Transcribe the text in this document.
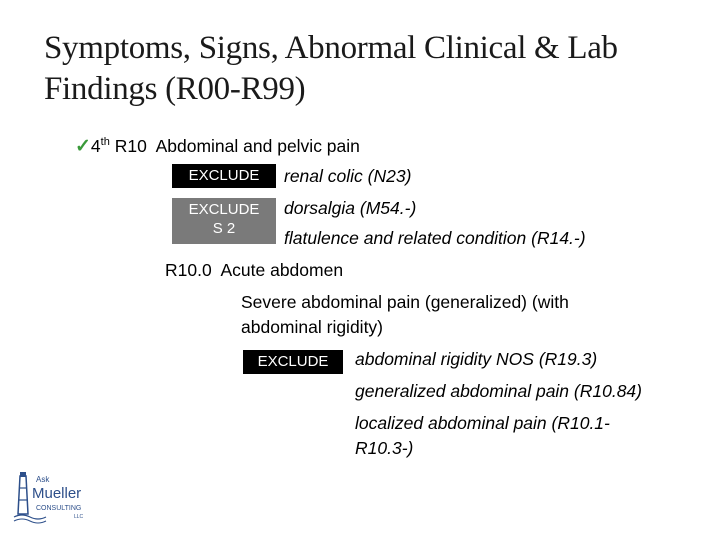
Symptoms, Signs, Abnormal Clinical & Lab Findings (R00-R99)
✓4th R10 Abdominal and pelvic pain
EXCLUDE	renal colic (N23)
EXCLUDE
S 2
dorsalgia (M54.-)
flatulence and related condition (R14.-)
R10.0 Acute abdomen
Severe abdominal pain (generalized) (with
abdominal rigidity)
EXCLUDE	abdominal rigidity NOS (R19.3)
generalized abdominal pain (R10.84)
localized abdominal pain (R10.1-
R10.3-)
Ask
Mueller
CONSULTING
LLC
